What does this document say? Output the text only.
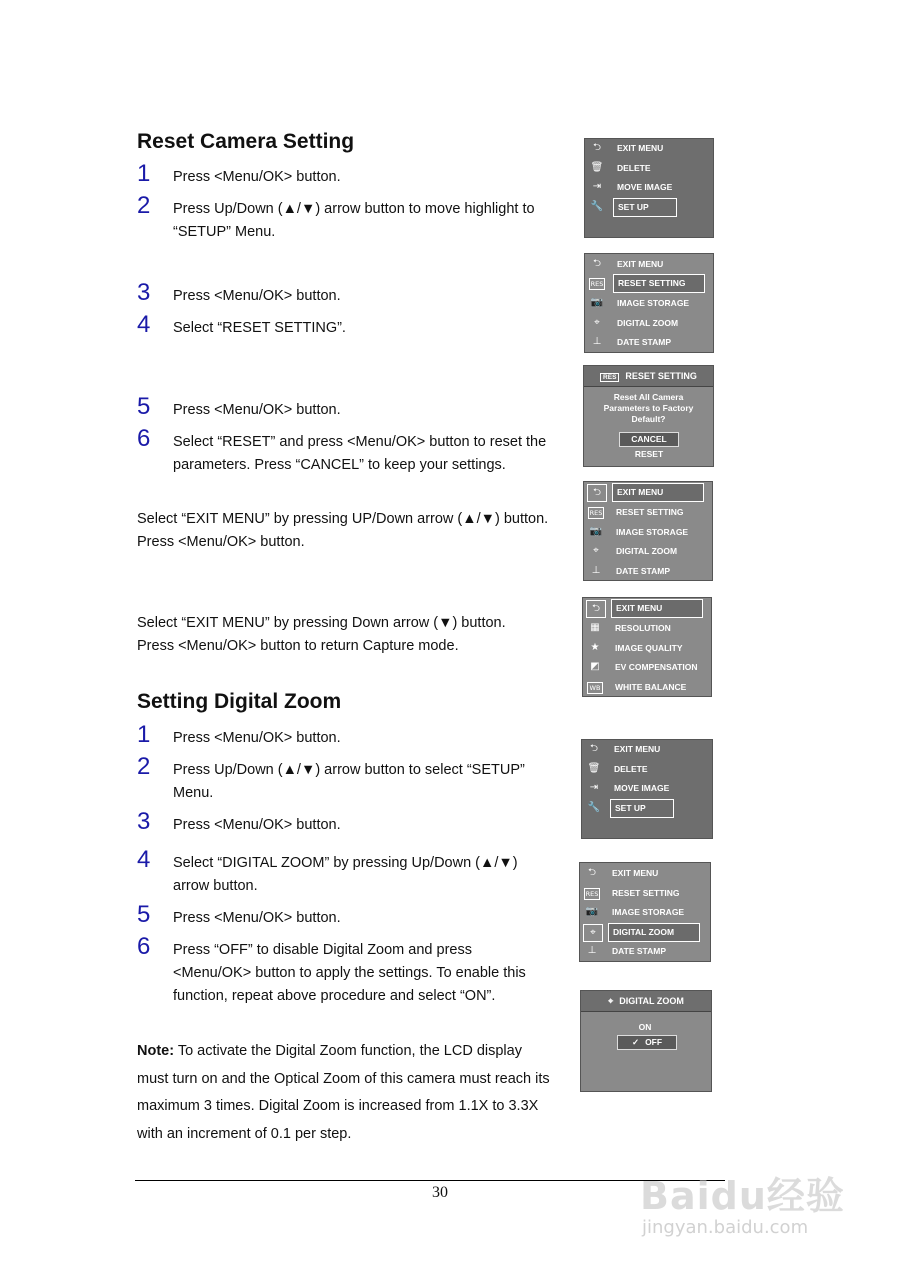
Reset Camera Setting
1 Press <Menu/OK> button.
2 Press Up/Down (▲/▼) arrow button to move highlight to “SETUP” Menu.
3 Press <Menu/OK> button.
4 Select “RESET SETTING”.
5 Press <Menu/OK> button.
6 Select “RESET” and press <Menu/OK> button to reset the parameters. Press “CANCEL” to keep your settings.
Select “EXIT MENU” by pressing UP/Down arrow (▲/▼) button.
Press <Menu/OK> button.
Select “EXIT MENU” by pressing Down arrow (▼) button.
Press <Menu/OK> button to return Capture mode.
Setting Digital Zoom
1 Press <Menu/OK> button.
2 Press Up/Down (▲/▼) arrow button to select “SETUP” Menu.
3 Press <Menu/OK> button.
4 Select “DIGITAL ZOOM” by pressing Up/Down (▲/▼) arrow button.
5 Press <Menu/OK> button.
6 Press “OFF” to disable Digital Zoom and press <Menu/OK> button to apply the settings. To enable this function, repeat above procedure and select “ON”.
Note: To activate the Digital Zoom function, the LCD display must turn on and the Optical Zoom of this camera must reach its maximum 3 times. Digital Zoom is increased from 1.1X to 3.3X with an increment of 0.1 per step.
⮌	EXIT MENU
🗑	DELETE
⇥	MOVE IMAGE
🔧	SET UP
⮌	EXIT MENU
RES	RESET SETTING
📷	IMAGE STORAGE
⌖	DIGITAL ZOOM
⊥	DATE STAMP
RES RESET SETTING
Reset All Camera
Parameters to Factory
Default?
CANCEL
RESET
⮌	EXIT MENU
RES	RESET SETTING
📷	IMAGE STORAGE
⌖	DIGITAL ZOOM
⊥	DATE STAMP
⮌	EXIT MENU
▦	RESOLUTION
★	IMAGE QUALITY
◩	EV COMPENSATION
WB	WHITE BALANCE
⮌	EXIT MENU
🗑	DELETE
⇥	MOVE IMAGE
🔧	SET UP
⮌	EXIT MENU
RES	RESET SETTING
📷	IMAGE STORAGE
⌖	DIGITAL ZOOM
⊥	DATE STAMP
⌖ DIGITAL ZOOM
ON
✓ OFF
30	Baidu经验
jingyan.baidu.com
